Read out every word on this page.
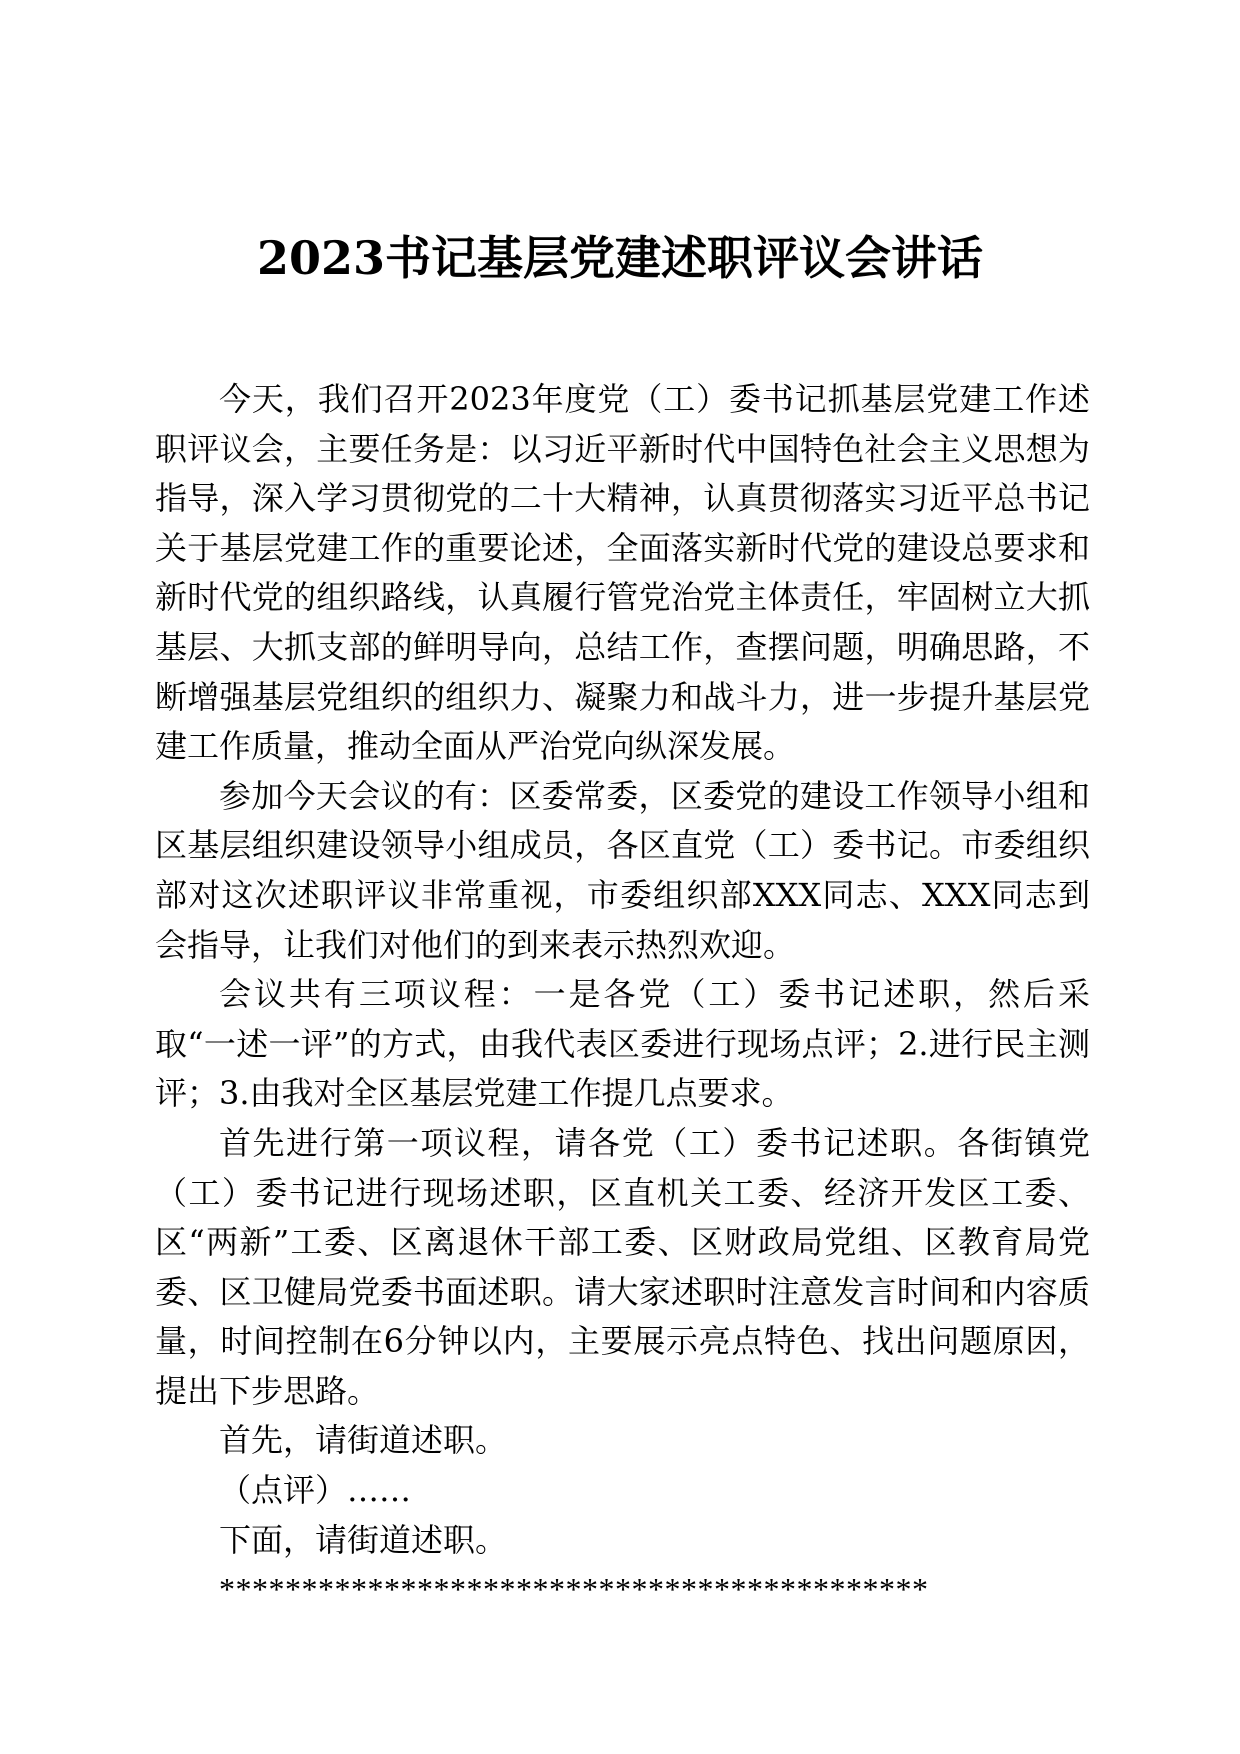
2023书记基层党建述职评议会讲话

今天，我们召开2023年度党（工）委书记抓基层党建工作述职评议会，主要任务是：以习近平新时代中国特色社会主义思想为指导，深入学习贯彻党的二十大精神，认真贯彻落实习近平总书记关于基层党建工作的重要论述，全面落实新时代党的建设总要求和新时代党的组织路线，认真履行管党治党主体责任，牢固树立大抓基层、大抓支部的鲜明导向，总结工作，查摆问题，明确思路，不断增强基层党组织的组织力、凝聚力和战斗力，进一步提升基层党建工作质量，推动全面从严治党向纵深发展。

参加今天会议的有：区委常委，区委党的建设工作领导小组和区基层组织建设领导小组成员，各区直党（工）委书记。市委组织部对这次述职评议非常重视，市委组织部XXX同志、XXX同志到会指导，让我们对他们的到来表示热烈欢迎。

会议共有三项议程：一是各党（工）委书记述职，然后采取“一述一评”的方式，由我代表区委进行现场点评；2.进行民主测评；3.由我对全区基层党建工作提几点要求。

首先进行第一项议程，请各党（工）委书记述职。各街镇党（工）委书记进行现场述职，区直机关工委、经济开发区工委、区“两新”工委、区离退休干部工委、区财政局党组、区教育局党委、区卫健局党委书面述职。请大家述职时注意发言时间和内容质量，时间控制在6分钟以内，主要展示亮点特色、找出问题原因，提出下步思路。

首先，请街道述职。

（点评）……

下面，请街道述职。

*******************************************
